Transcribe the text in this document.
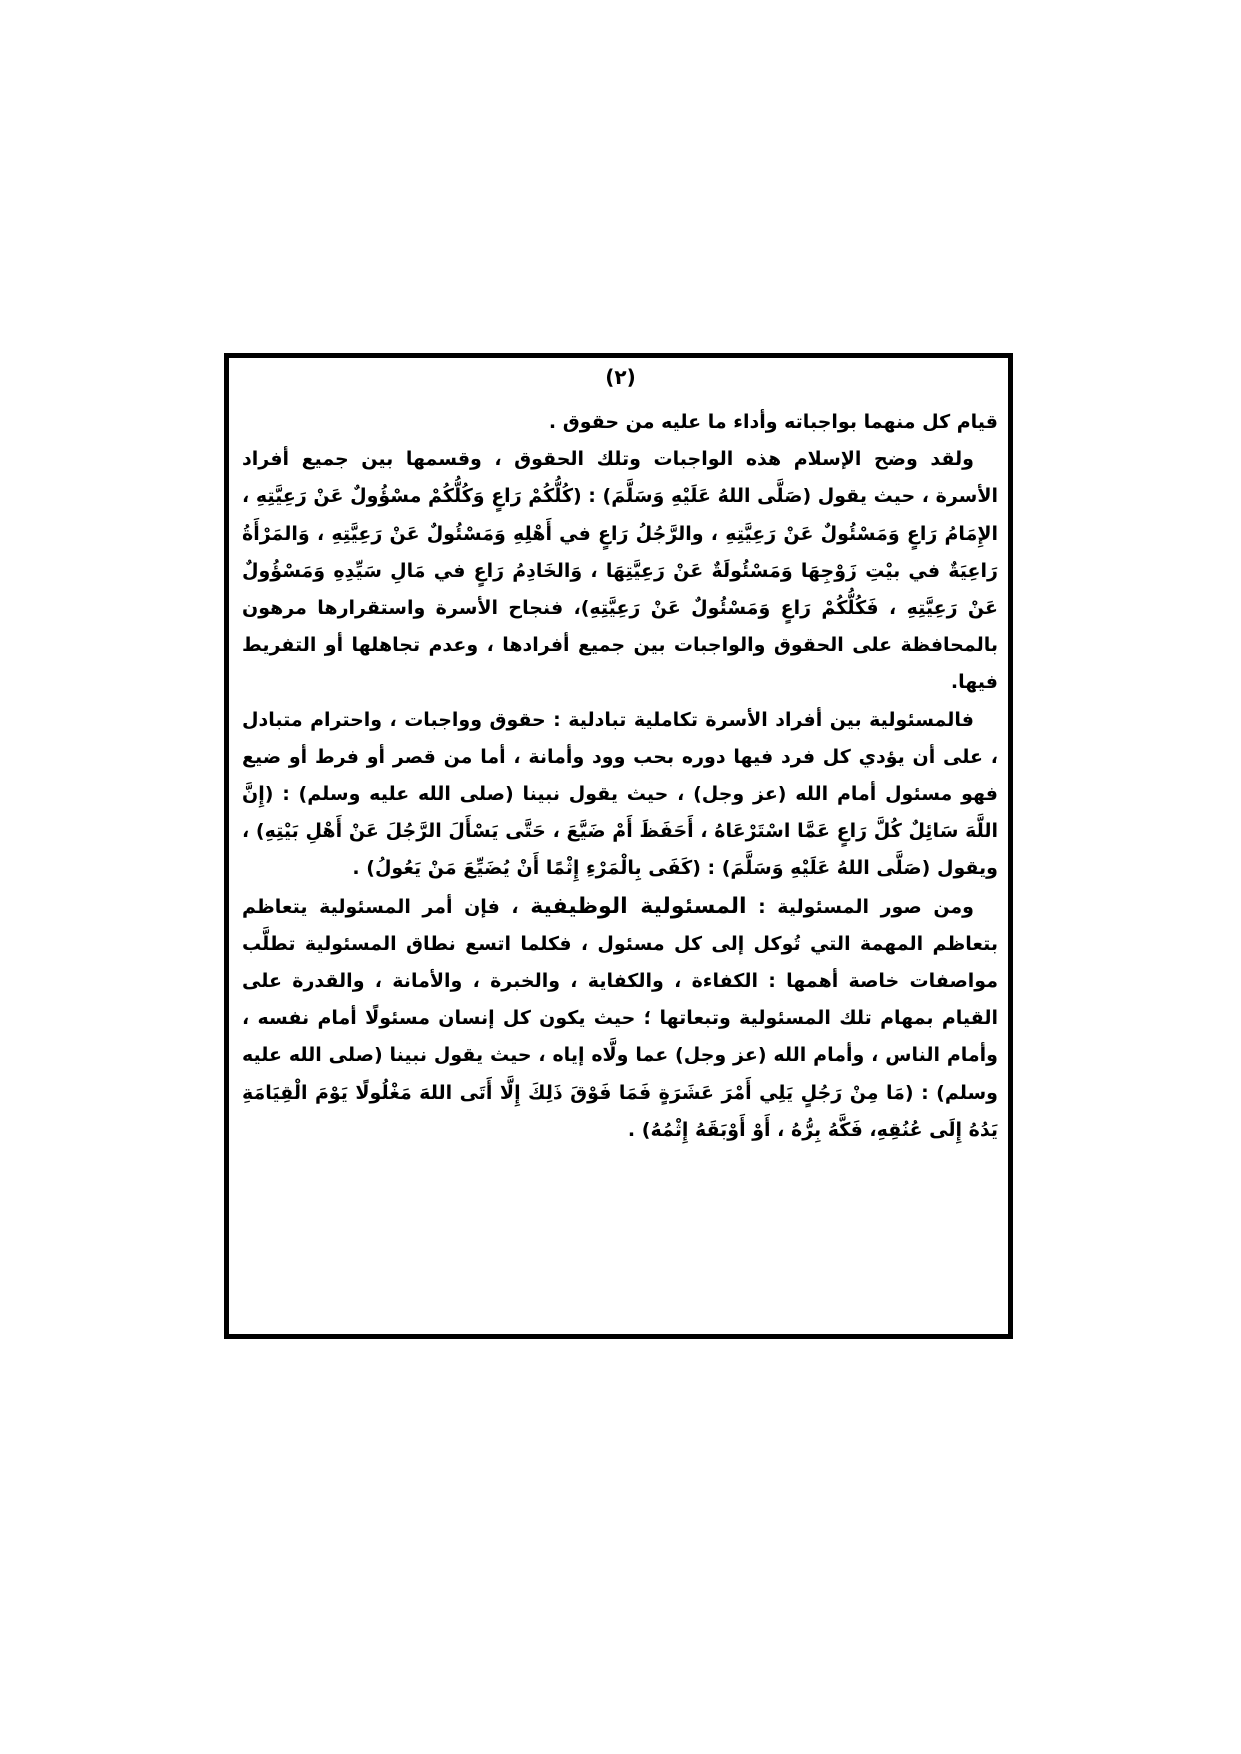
(٢)

قيام كل منهما بواجباته وأداء ما عليه من حقوق .

ولقد وضح الإسلام هذه الواجبات وتلك الحقوق ، وقسمها بين جميع أفراد الأسرة ، حيث يقول (صَلَّى اللهُ عَلَيْهِ وَسَلَّمَ) : (كُلُّكُمْ رَاعٍ وَكُلُّكُمْ مسْؤُولٌ عَنْ رَعِيَّتِهِ ، الإِمَامُ رَاعٍ وَمَسْئُولٌ عَنْ رَعِيَّتِهِ ، والرَّجُلُ رَاعٍ في أَهْلِهِ وَمَسْئُولٌ عَنْ رَعِيَّتِهِ ، وَالمَرْأَةُ رَاعِيَةٌ في بيْتِ زَوْجِهَا وَمَسْئُولَةٌ عَنْ رَعِيَّتِهَا ، وَالخَادِمُ رَاعٍ في مَالِ سَيِّدِهِ وَمَسْؤُولٌ عَنْ رَعِيَّتِهِ ، فَكُلُّكُمْ رَاعٍ وَمَسْئُولٌ عَنْ رَعِيَّتِهِ)، فنجاح الأسرة واستقرارها مرهون بالمحافظة على الحقوق والواجبات بين جميع أفرادها ، وعدم تجاهلها أو التفريط فيها.

فالمسئولية بين أفراد الأسرة تكاملية تبادلية : حقوق وواجبات ، واحترام متبادل ، على أن يؤدي كل فرد فيها دوره بحب وود وأمانة ، أما من قصر أو فرط أو ضيع فهو مسئول أمام الله (عز وجل) ، حيث يقول نبينا (صلى الله عليه وسلم) : (إِنَّ اللَّهَ سَائِلٌ كُلَّ رَاعٍ عَمَّا اسْتَرْعَاهُ ، أَحَفَظَ أَمْ ضَيَّعَ ، حَتَّى يَسْأَلَ الرَّجُلَ عَنْ أَهْلِ بَيْتِهِ) ، ويقول (صَلَّى اللهُ عَلَيْهِ وَسَلَّمَ) : (كَفَى بِالْمَرْءِ إِثْمًا أَنْ يُضَيِّعَ مَنْ يَعُولُ) .

ومن صور المسئولية : المسئولية الوظيفية ، فإن أمر المسئولية يتعاظم بتعاظم المهمة التي تُوكل إلى كل مسئول ، فكلما اتسع نطاق المسئولية تطلَّب مواصفات خاصة أهمها : الكفاءة ، والكفاية ، والخبرة ، والأمانة ، والقدرة على القيام بمهام تلك المسئولية وتبعاتها ؛ حيث يكون كل إنسان مسئولًا أمام نفسه ، وأمام الناس ، وأمام الله (عز وجل) عما ولَّاه إياه ، حيث يقول نبينا (صلى الله عليه وسلم) : (مَا مِنْ رَجُلٍ يَلِي أَمْرَ عَشَرَةٍ فَمَا فَوْقَ ذَلِكَ إِلَّا أَتَى اللهَ مَغْلُولًا يَوْمَ الْقِيَامَةِ يَدُهُ إِلَى عُنُقِهِ، فَكَّهُ بِرُّهُ ، أَوْ أَوْبَقَهُ إِثْمُهُ) .
